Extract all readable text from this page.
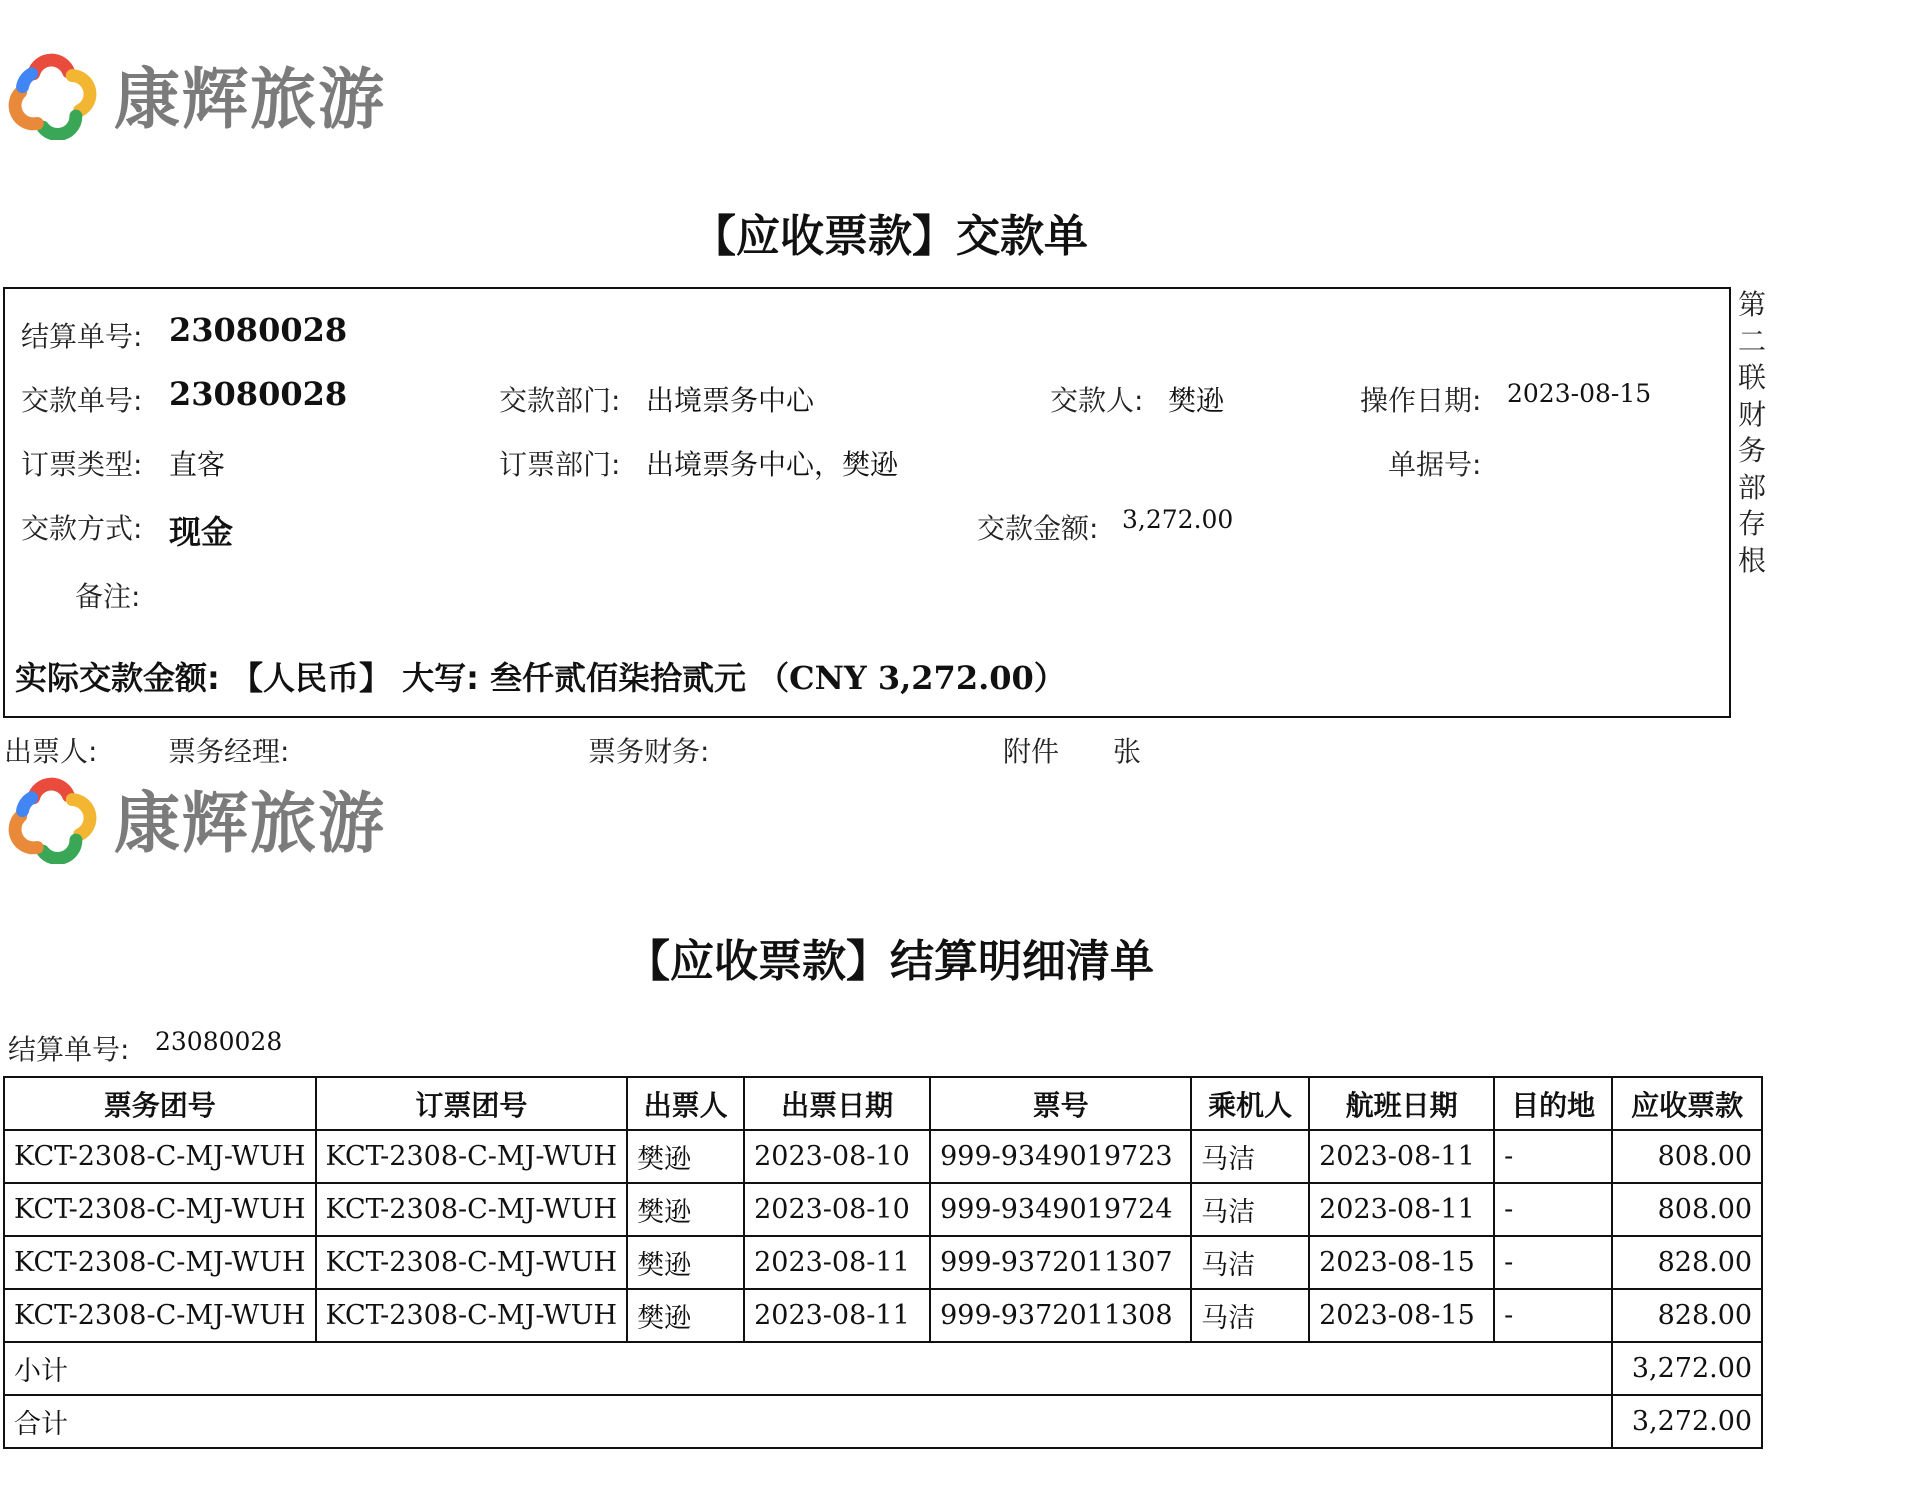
康辉旅游
【应收票款】交款单
结算单号: 23080028
交款单号: 23080028	交款部门: 出境票务中心	交款人: 樊逊	操作日期: 2023-08-15
订票类型: 直客	订票部门: 出境票务中心，樊逊	单据号:
交款方式: 现金	交款金额: 3,272.00
备注:
实际交款金额: 【人民币】 大写: 叁仟贰佰柒拾贰元 （CNY 3,272.00）
第
二
联
财
务
部
存
根
出票人:	票务经理:	票务财务:	附件 张
康辉旅游
【应收票款】结算明细清单
结算单号: 23080028
票务团号	订票团号	出票人	出票日期	票号	乘机人	航班日期	目的地	应收票款
KCT-2308-C-MJ-WUH	KCT-2308-C-MJ-WUH	樊逊	2023-08-10	999-9349019723	马洁	2023-08-11	-	808.00
KCT-2308-C-MJ-WUH	KCT-2308-C-MJ-WUH	樊逊	2023-08-10	999-9349019724	马洁	2023-08-11	-	808.00
KCT-2308-C-MJ-WUH	KCT-2308-C-MJ-WUH	樊逊	2023-08-11	999-9372011307	马洁	2023-08-15	-	828.00
KCT-2308-C-MJ-WUH	KCT-2308-C-MJ-WUH	樊逊	2023-08-11	999-9372011308	马洁	2023-08-15	-	828.00
小计								3,272.00
合计								3,272.00
